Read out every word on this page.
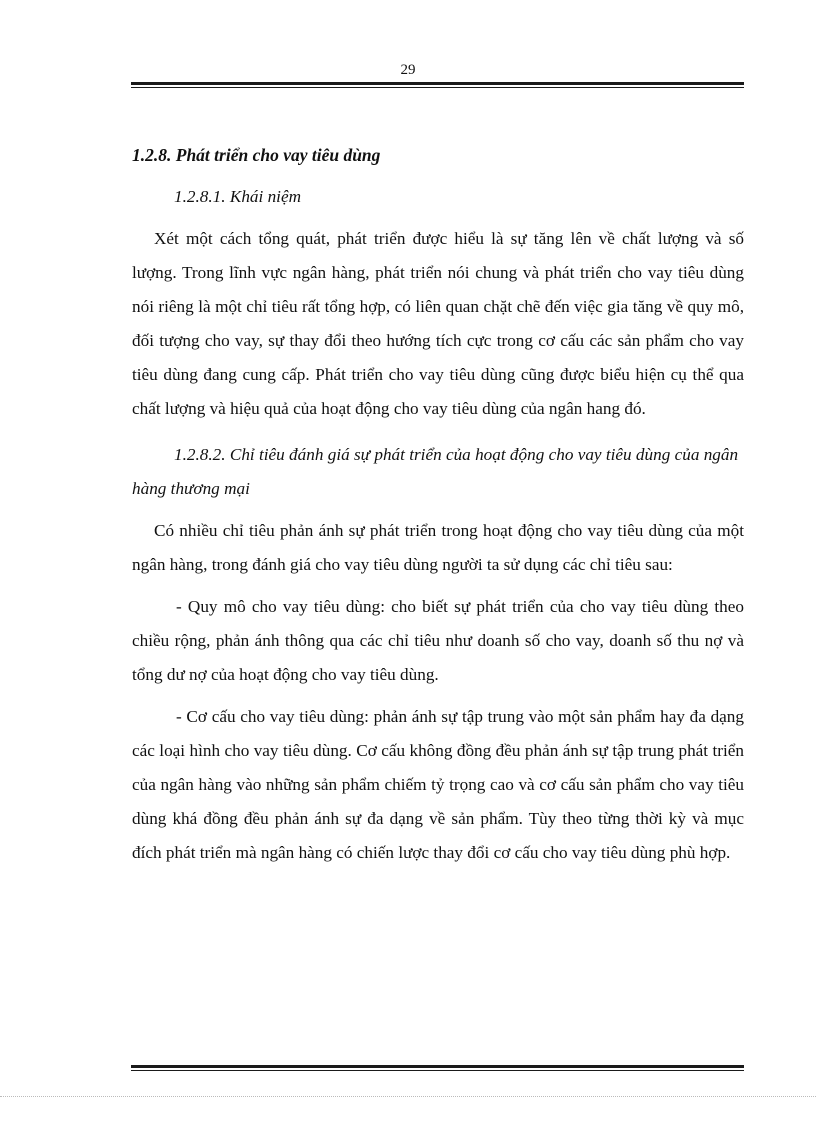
29
1.2.8. Phát triển cho vay tiêu dùng

1.2.8.1. Khái niệm

Xét một cách tổng quát, phát triển được hiểu là sự tăng lên về chất lượng và số lượng. Trong lĩnh vực ngân hàng, phát triển nói chung và phát triển cho vay tiêu dùng nói riêng là một chỉ tiêu rất tổng hợp, có liên quan chặt chẽ đến việc gia tăng về quy mô, đối tượng cho vay, sự thay đổi theo hướng tích cực trong cơ cấu các sản phẩm cho vay tiêu dùng đang cung cấp. Phát triển cho vay tiêu dùng cũng được biểu hiện cụ thể qua chất lượng và hiệu quả của hoạt động cho vay tiêu dùng của ngân hang đó.

1.2.8.2. Chỉ tiêu đánh giá sự phát triển của hoạt động cho vay tiêu dùng của ngân hàng thương mại

Có nhiều chỉ tiêu phản ánh sự phát triển trong hoạt động cho vay tiêu dùng của một ngân hàng, trong đánh giá cho vay tiêu dùng người ta sử dụng các chỉ tiêu sau:

- Quy mô cho vay tiêu dùng: cho biết sự phát triển của cho vay tiêu dùng theo chiều rộng, phản ánh thông qua các chỉ tiêu như doanh số cho vay, doanh số thu nợ và tổng dư nợ của hoạt động cho vay tiêu dùng.

- Cơ cấu cho vay tiêu dùng: phản ánh sự tập trung vào một sản phẩm hay đa dạng các loại hình cho vay tiêu dùng. Cơ cấu không đồng đều phản ánh sự tập trung phát triển của ngân hàng vào những sản phẩm chiếm tỷ trọng cao và cơ cấu sản phẩm cho vay tiêu dùng khá đồng đều phản ánh sự đa dạng về sản phẩm. Tùy theo từng thời kỳ và mục đích phát triển mà ngân hàng có chiến lược thay đổi cơ cấu cho vay tiêu dùng phù hợp.
